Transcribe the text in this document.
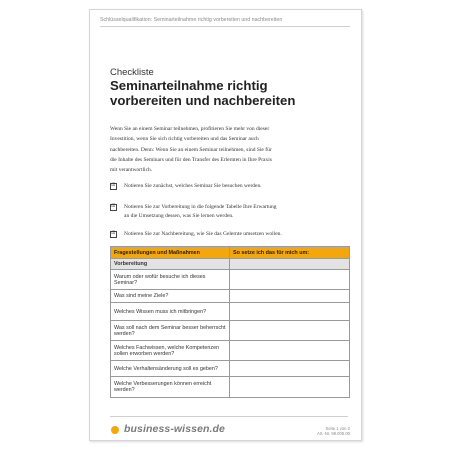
Schlüsselqualifikation: Seminarteilnahme richtig vorbereiten und nachbereiten
Checkliste
Seminarteilnahme richtig
vorbereiten und nachbereiten
Wenn Sie an einem Seminar teilnehmen, profitieren Sie mehr von dieser
Investition, wenn Sie sich richtig vorbereiten und das Seminar auch
nachbereiten. Denn: Wenn Sie an einem Seminar teilnehmen, sind Sie für
die Inhalte des Seminars und für den Transfer des Erlernten in Ihre Praxis
mit verantwortlich.
☑ Notieren Sie zunächst, welches Seminar Sie besuchen werden.
☑ Notieren Sie zur Vorbereitung in die folgende Tabelle Ihre Erwartung
an die Umsetzung dessen, was Sie lernen werden.
☑ Notieren Sie zur Nachbereitung, wie Sie das Gelernte umsetzen wollen.
Fragestellungen und Maßnahmen	So setze ich das für mich um:
Vorbereitung	

Warum oder wofür besuche ich dieses
Seminar?	

Was sind meine Ziele?	

Welches Wissen muss ich mitbringen?	

Was soll nach dem Seminar besser beherrscht
werden?	

Welches Fachwissen, welche Kompetenzen
sollen erworben werden?	

Welche Verhaltensänderung soll es geben?	

Welche Verbesserungen können erreicht
werden?	

business-wissen.de	Seite 1 von 2
Art.-Nr. 99.005.00
